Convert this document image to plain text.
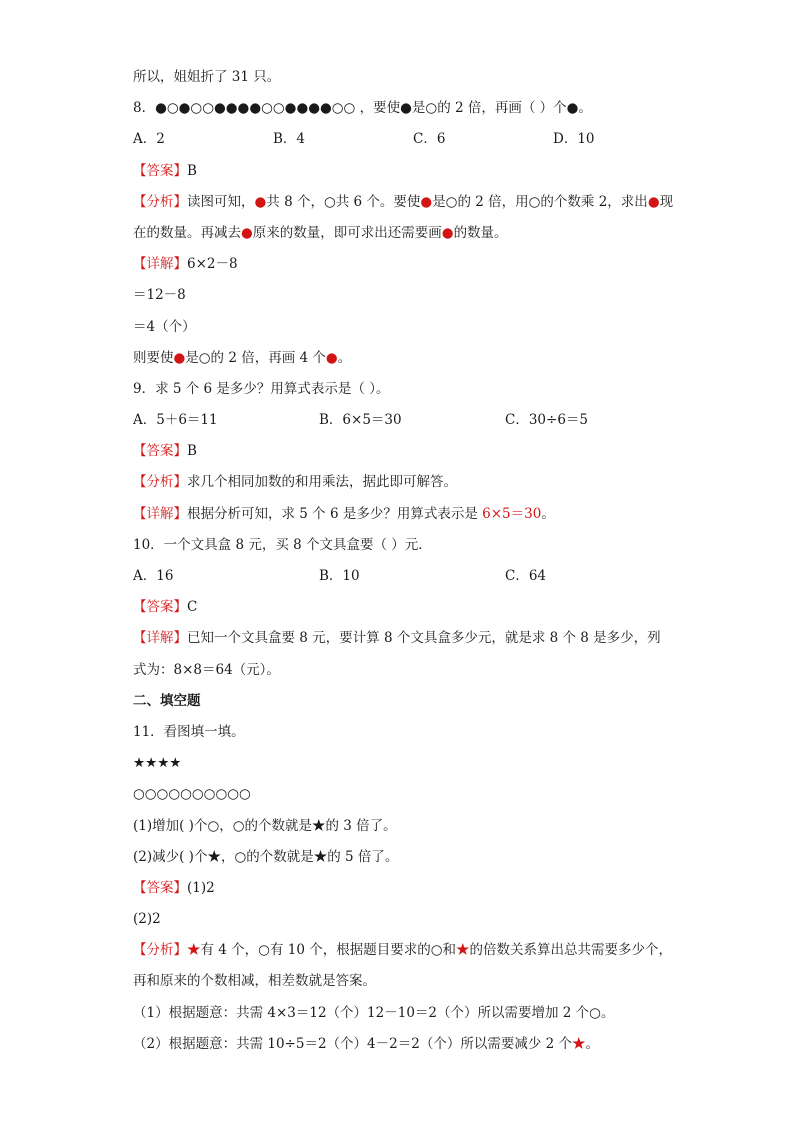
所以，姐姐折了 31 只。
8．●○●○○●●●●○○●●●●○○ ，要使●是○的 2 倍，再画（ ）个●。
A．2	B．4	C．6	D．10
【答案】B
【分析】读图可知，●共 8 个，○共 6 个。要使●是○的 2 倍，用○的个数乘 2，求出●现
在的数量。再减去●原来的数量，即可求出还需要画●的数量。
【详解】6×2－8
＝12－8
＝4（个）
则要使●是○的 2 倍，再画 4 个●。
9．求 5 个 6 是多少？用算式表示是（ ）。
A．5＋6＝11	B．6×5＝30	C．30÷6＝5
【答案】B
【分析】求几个相同加数的和用乘法，据此即可解答。
【详解】根据分析可知，求 5 个 6 是多少？用算式表示是 6×5＝30。
10．一个文具盒 8 元，买 8 个文具盒要（ ）元．
A．16	B．10	C．64
【答案】C
【详解】已知一个文具盒要 8 元，要计算 8 个文具盒多少元，就是求 8 个 8 是多少，列
式为：8×8＝64（元）。
二、填空题
11．看图填一填。
★★★★
○○○○○○○○○○
(1)增加( )个○，○的个数就是★的 3 倍了。
(2)减少( )个★，○的个数就是★的 5 倍了。
【答案】(1)2
(2)2
【分析】★有 4 个，○有 10 个，根据题目要求的○和★的倍数关系算出总共需要多少个，
再和原来的个数相减，相差数就是答案。
（1）根据题意：共需 4×3＝12（个）12－10＝2（个）所以需要增加 2 个○。
（2）根据题意：共需 10÷5＝2（个）4－2＝2（个）所以需要减少 2 个★。
